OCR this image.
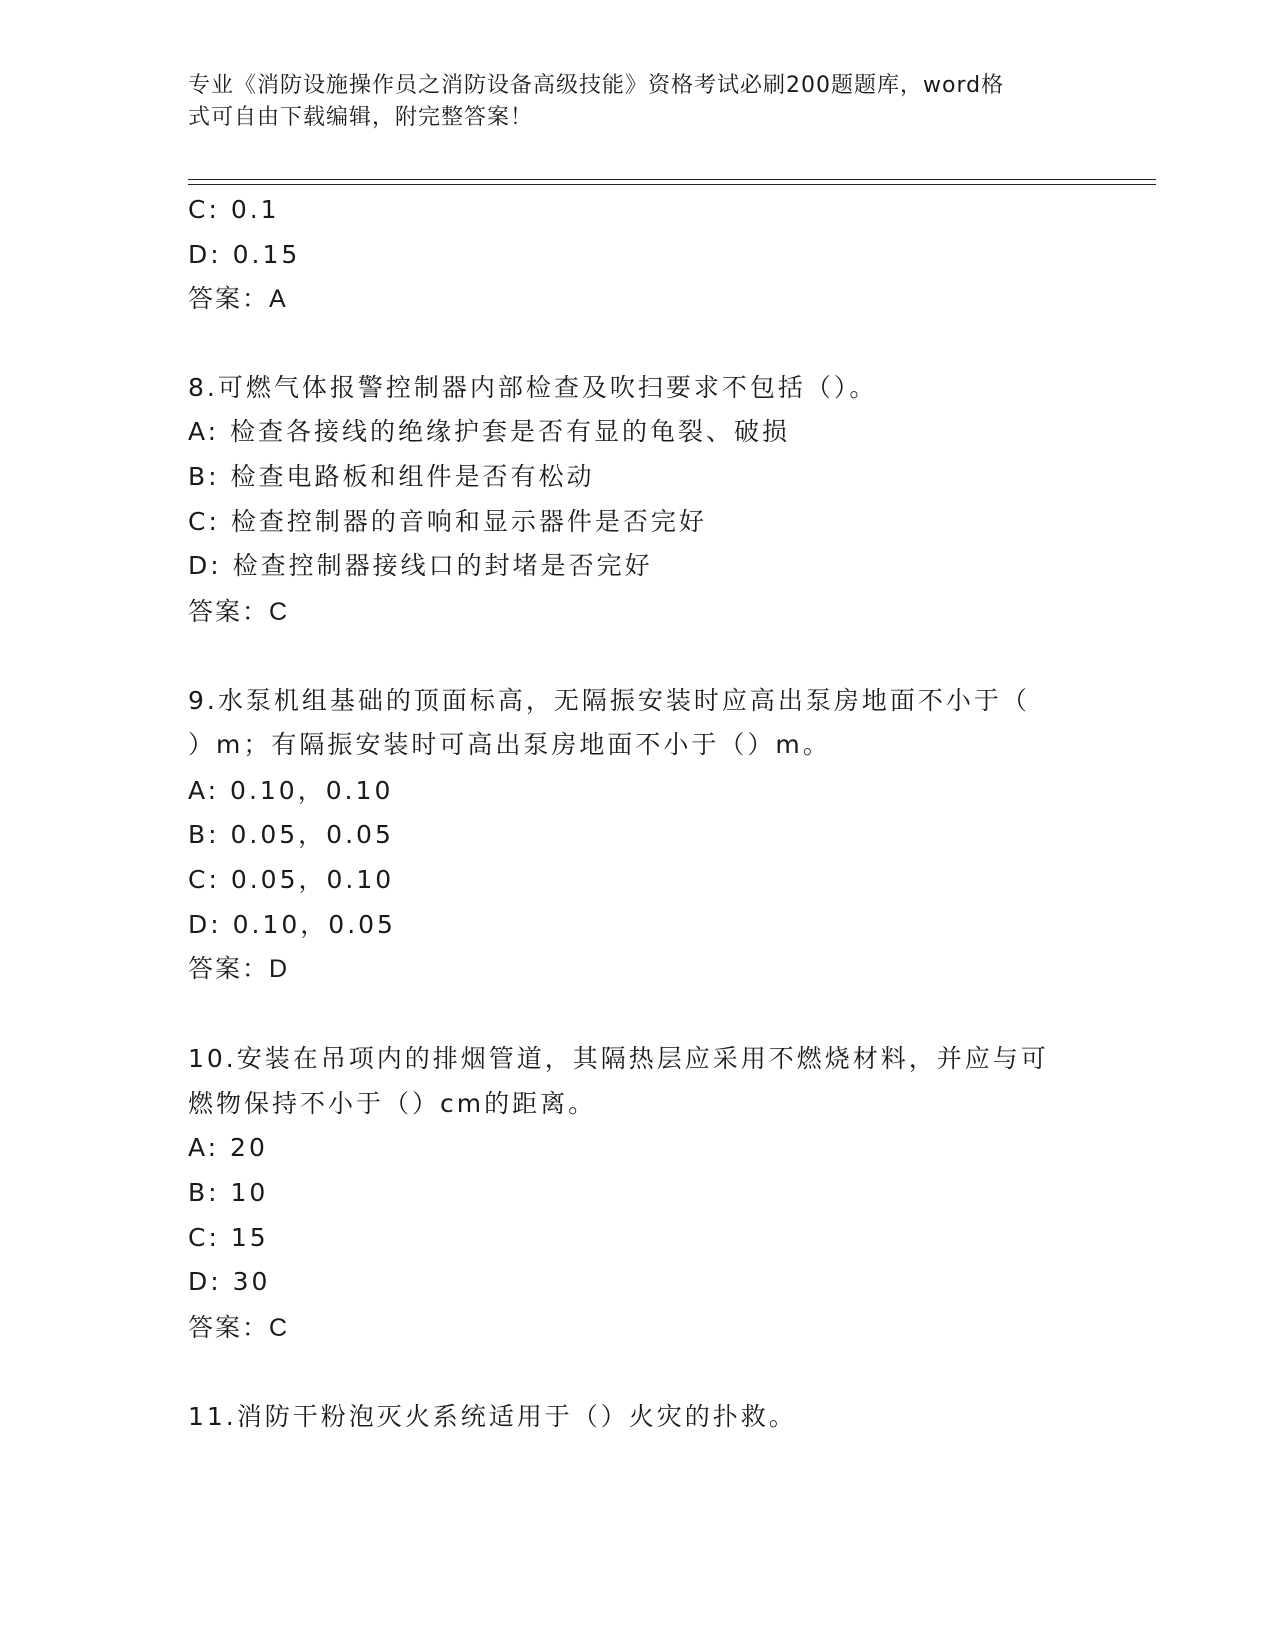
专业《消防设施操作员之消防设备高级技能》资格考试必刷200题题库，word格
式可自由下载编辑，附完整答案！
C: 0.1
D: 0.15
答案：A
8.可燃气体报警控制器内部检查及吹扫要求不包括（）。
A: 检查各接线的绝缘护套是否有显的龟裂、破损
B: 检查电路板和组件是否有松动
C: 检查控制器的音响和显示器件是否完好
D: 检查控制器接线口的封堵是否完好
答案：C
9.水泵机组基础的顶面标高，无隔振安装时应高出泵房地面不小于（
）m；有隔振安装时可高出泵房地面不小于（）m。
A: 0.10，0.10
B: 0.05，0.05
C: 0.05，0.10
D: 0.10，0.05
答案：D
10.安装在吊项内的排烟管道，其隔热层应采用不燃烧材料，并应与可
燃物保持不小于（）cm的距离。
A: 20
B: 10
C: 15
D: 30
答案：C
11.消防干粉泡灭火系统适用于（）火灾的扑救。
